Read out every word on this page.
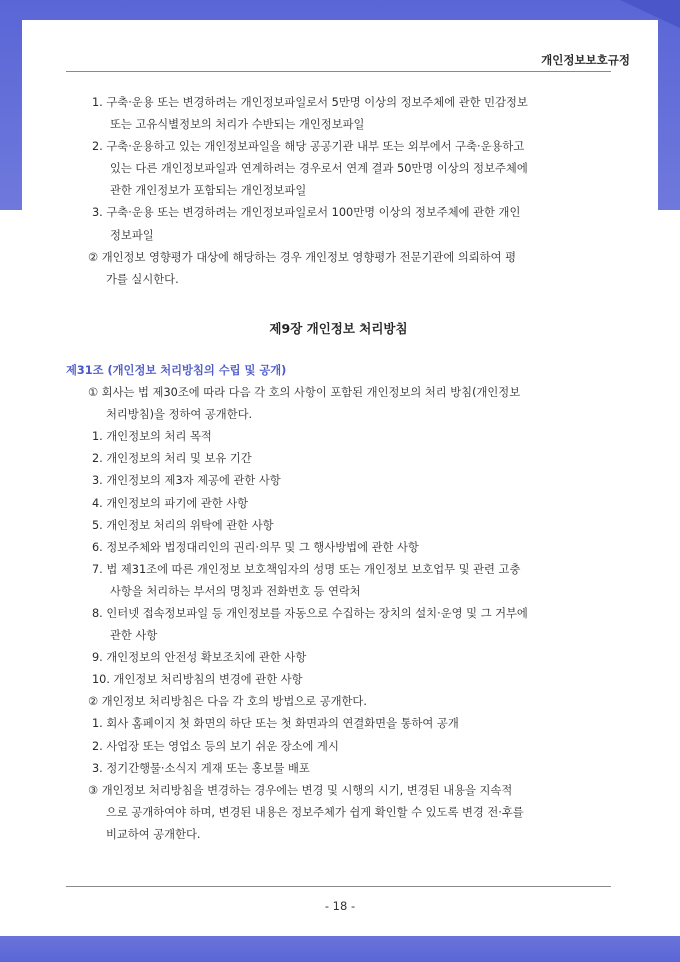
개인정보보호규정
1. 구축·운용 또는 변경하려는 개인정보파일로서 5만명 이상의 정보주체에 관한 민감정보
또는 고유식별정보의 처리가 수반되는 개인정보파일
2. 구축·운용하고 있는 개인정보파일을 해당 공공기관 내부 또는 외부에서 구축·운용하고
있는 다른 개인정보파일과 연계하려는 경우로서 연계 결과 50만명 이상의 정보주체에
관한 개인정보가 포함되는 개인정보파일
3. 구축·운용 또는 변경하려는 개인정보파일로서 100만명 이상의 정보주체에 관한 개인
정보파일
② 개인정보 영향평가 대상에 해당하는 경우 개인정보 영향평가 전문기관에 의뢰하여 평
가를 실시한다.
제9장 개인정보 처리방침
제31조 (개인정보 처리방침의 수립 및 공개)
① 회사는 법 제30조에 따라 다음 각 호의 사항이 포함된 개인정보의 처리 방침(개인정보
처리방침)을 정하여 공개한다.
1. 개인정보의 처리 목적
2. 개인정보의 처리 및 보유 기간
3. 개인정보의 제3자 제공에 관한 사항
4. 개인정보의 파기에 관한 사항
5. 개인정보 처리의 위탁에 관한 사항
6. 정보주체와 법정대리인의 권리·의무 및 그 행사방법에 관한 사항
7. 법 제31조에 따른 개인정보 보호책임자의 성명 또는 개인정보 보호업무 및 관련 고충
사항을 처리하는 부서의 명칭과 전화번호 등 연락처
8. 인터넷 접속정보파일 등 개인정보를 자동으로 수집하는 장치의 설치·운영 및 그 거부에
관한 사항
9. 개인정보의 안전성 확보조치에 관한 사항
10. 개인정보 처리방침의 변경에 관한 사항
② 개인정보 처리방침은 다음 각 호의 방법으로 공개한다.
1. 회사 홈페이지 첫 화면의 하단 또는 첫 화면과의 연결화면을 통하여 공개
2. 사업장 또는 영업소 등의 보기 쉬운 장소에 게시
3. 정기간행물·소식지 게재 또는 홍보물 배포
③ 개인정보 처리방침을 변경하는 경우에는 변경 및 시행의 시기, 변경된 내용을 지속적
으로 공개하여야 하며, 변경된 내용은 정보주체가 쉽게 확인할 수 있도록 변경 전·후를
비교하여 공개한다.
- 18 -
